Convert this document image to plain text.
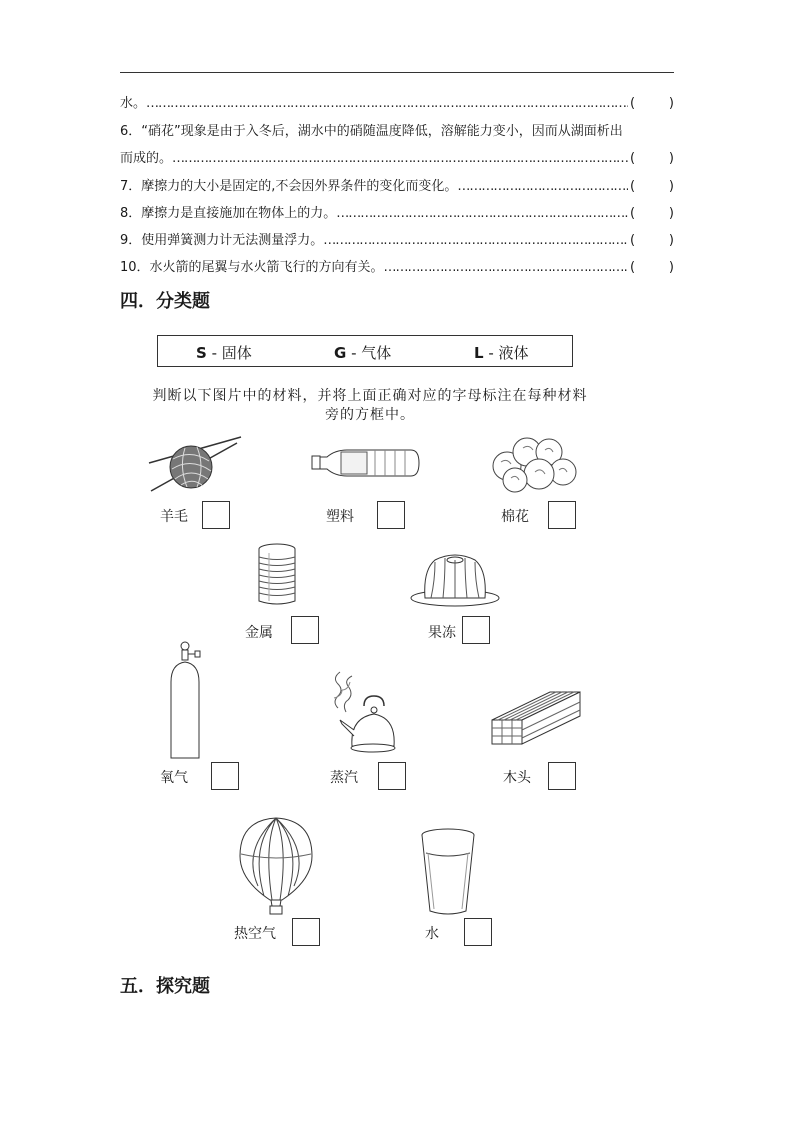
水。 ……………………………………………………………………………………………………………………………………………………………………………………	(	)
6．“硝花”现象是由于入冬后，湖水中的硝随温度降低，溶解能力变小，因而从湖面析出
而成的。 ……………………………………………………………………………………………………………………………………………………………………………………	(	)
7．摩擦力的大小是固定的,不会因外界条件的变化而变化。 ……………………………………………………………………………………………………………………………………………………………………………………	(	)
8．摩擦力是直接施加在物体上的力。 ……………………………………………………………………………………………………………………………………………………………………………………	(	)
9．使用弹簧测力计无法测量浮力。 ……………………………………………………………………………………………………………………………………………………………………………………	(	)
10．水火箭的尾翼与水火箭飞行的方向有关。 ……………………………………………………………………………………………………………………………………………………………………………………	(	)
四．分类题
S - 固体	G - 气体	L - 液体
判断以下图片中的材料，并将上面正确对应的字母标注在每种材料
旁的方框中。
羊毛	塑料	棉花
金属	果冻
氧气	蒸汽	木头
热空气	水
五．探究题
